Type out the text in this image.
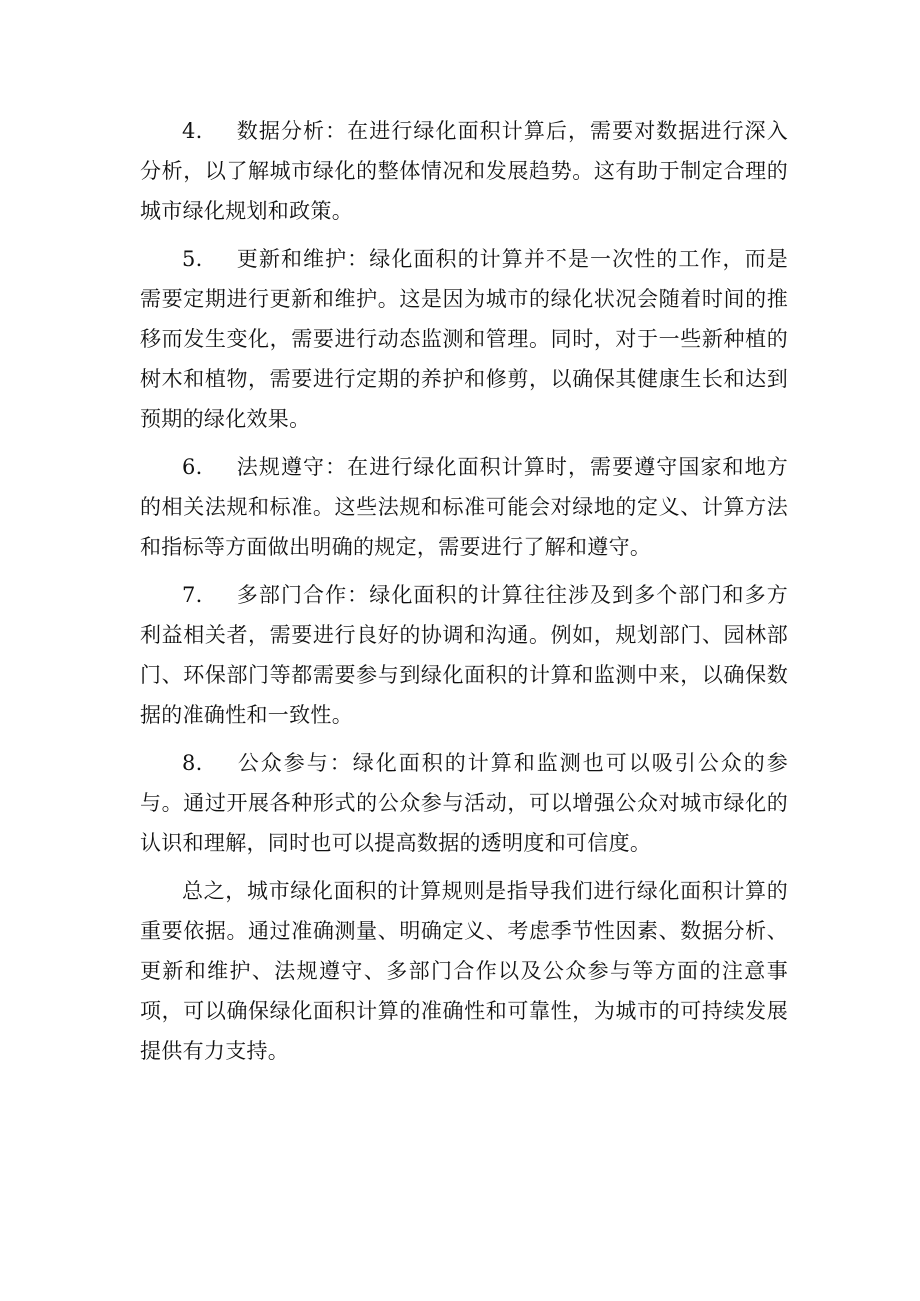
4. 数据分析：在进行绿化面积计算后，需要对数据进行深入分析，以了解城市绿化的整体情况和发展趋势。这有助于制定合理的城市绿化规划和政策。

5. 更新和维护：绿化面积的计算并不是一次性的工作，而是需要定期进行更新和维护。这是因为城市的绿化状况会随着时间的推移而发生变化，需要进行动态监测和管理。同时，对于一些新种植的树木和植物，需要进行定期的养护和修剪，以确保其健康生长和达到预期的绿化效果。

6. 法规遵守：在进行绿化面积计算时，需要遵守国家和地方的相关法规和标准。这些法规和标准可能会对绿地的定义、计算方法和指标等方面做出明确的规定，需要进行了解和遵守。

7. 多部门合作：绿化面积的计算往往涉及到多个部门和多方利益相关者，需要进行良好的协调和沟通。例如，规划部门、园林部门、环保部门等都需要参与到绿化面积的计算和监测中来，以确保数据的准确性和一致性。

8. 公众参与：绿化面积的计算和监测也可以吸引公众的参与。通过开展各种形式的公众参与活动，可以增强公众对城市绿化的认识和理解，同时也可以提高数据的透明度和可信度。

总之，城市绿化面积的计算规则是指导我们进行绿化面积计算的重要依据。通过准确测量、明确定义、考虑季节性因素、数据分析、更新和维护、法规遵守、多部门合作以及公众参与等方面的注意事项，可以确保绿化面积计算的准确性和可靠性，为城市的可持续发展提供有力支持。
